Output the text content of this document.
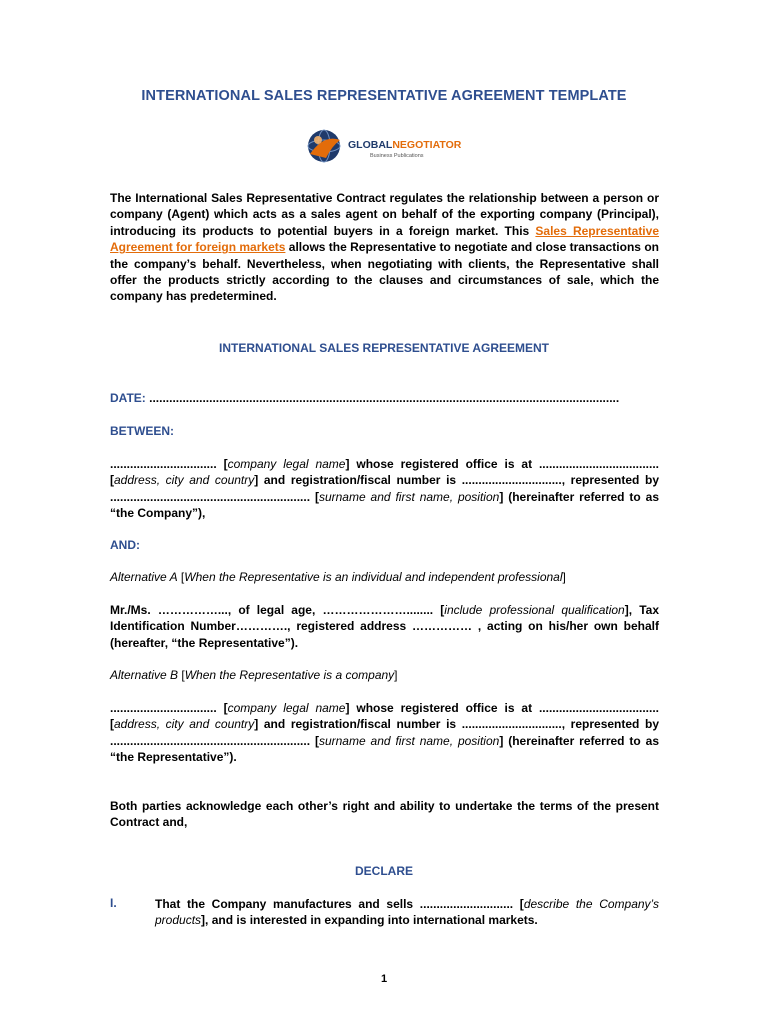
INTERNATIONAL SALES REPRESENTATIVE AGREEMENT TEMPLATE
GLOBALNEGOTIATOR
Business Publications
The International Sales Representative Contract regulates the relationship between a person or company (Agent) which acts as a sales agent on behalf of the exporting company (Principal), introducing its products to potential buyers in a foreign market. This Sales Representative Agreement for foreign markets allows the Representative to negotiate and close transactions on the company’s behalf. Nevertheless, when negotiating with clients, the Representative shall offer the products strictly according to the clauses and circumstances of sale, which the company has predetermined.
INTERNATIONAL SALES REPRESENTATIVE AGREEMENT
DATE: .............................................................................................................................................
BETWEEN:
................................ [company legal name] whose registered office is at .................................... [address, city and country] and registration/fiscal number is .............................., represented by ............................................................ [surname and first name, position] (hereinafter referred to as “the Company”),
AND:
Alternative A [When the Representative is an individual and independent professional]
Mr./Ms. ……………..., of legal age, …………………........ [include professional qualification], Tax Identification Number…………., registered address …………… , acting on his/her own behalf (hereafter, “the Representative”).
Alternative B [When the Representative is a company]
................................ [company legal name] whose registered office is at .................................... [address, city and country] and registration/fiscal number is .............................., represented by ............................................................ [surname and first name, position] (hereinafter referred to as “the Representative”).
Both parties acknowledge each other’s right and ability to undertake the terms of the present Contract and,
DECLARE
I.	That the Company manufactures and sells ............................ [describe the Company’s products], and is interested in expanding into international markets.
1
